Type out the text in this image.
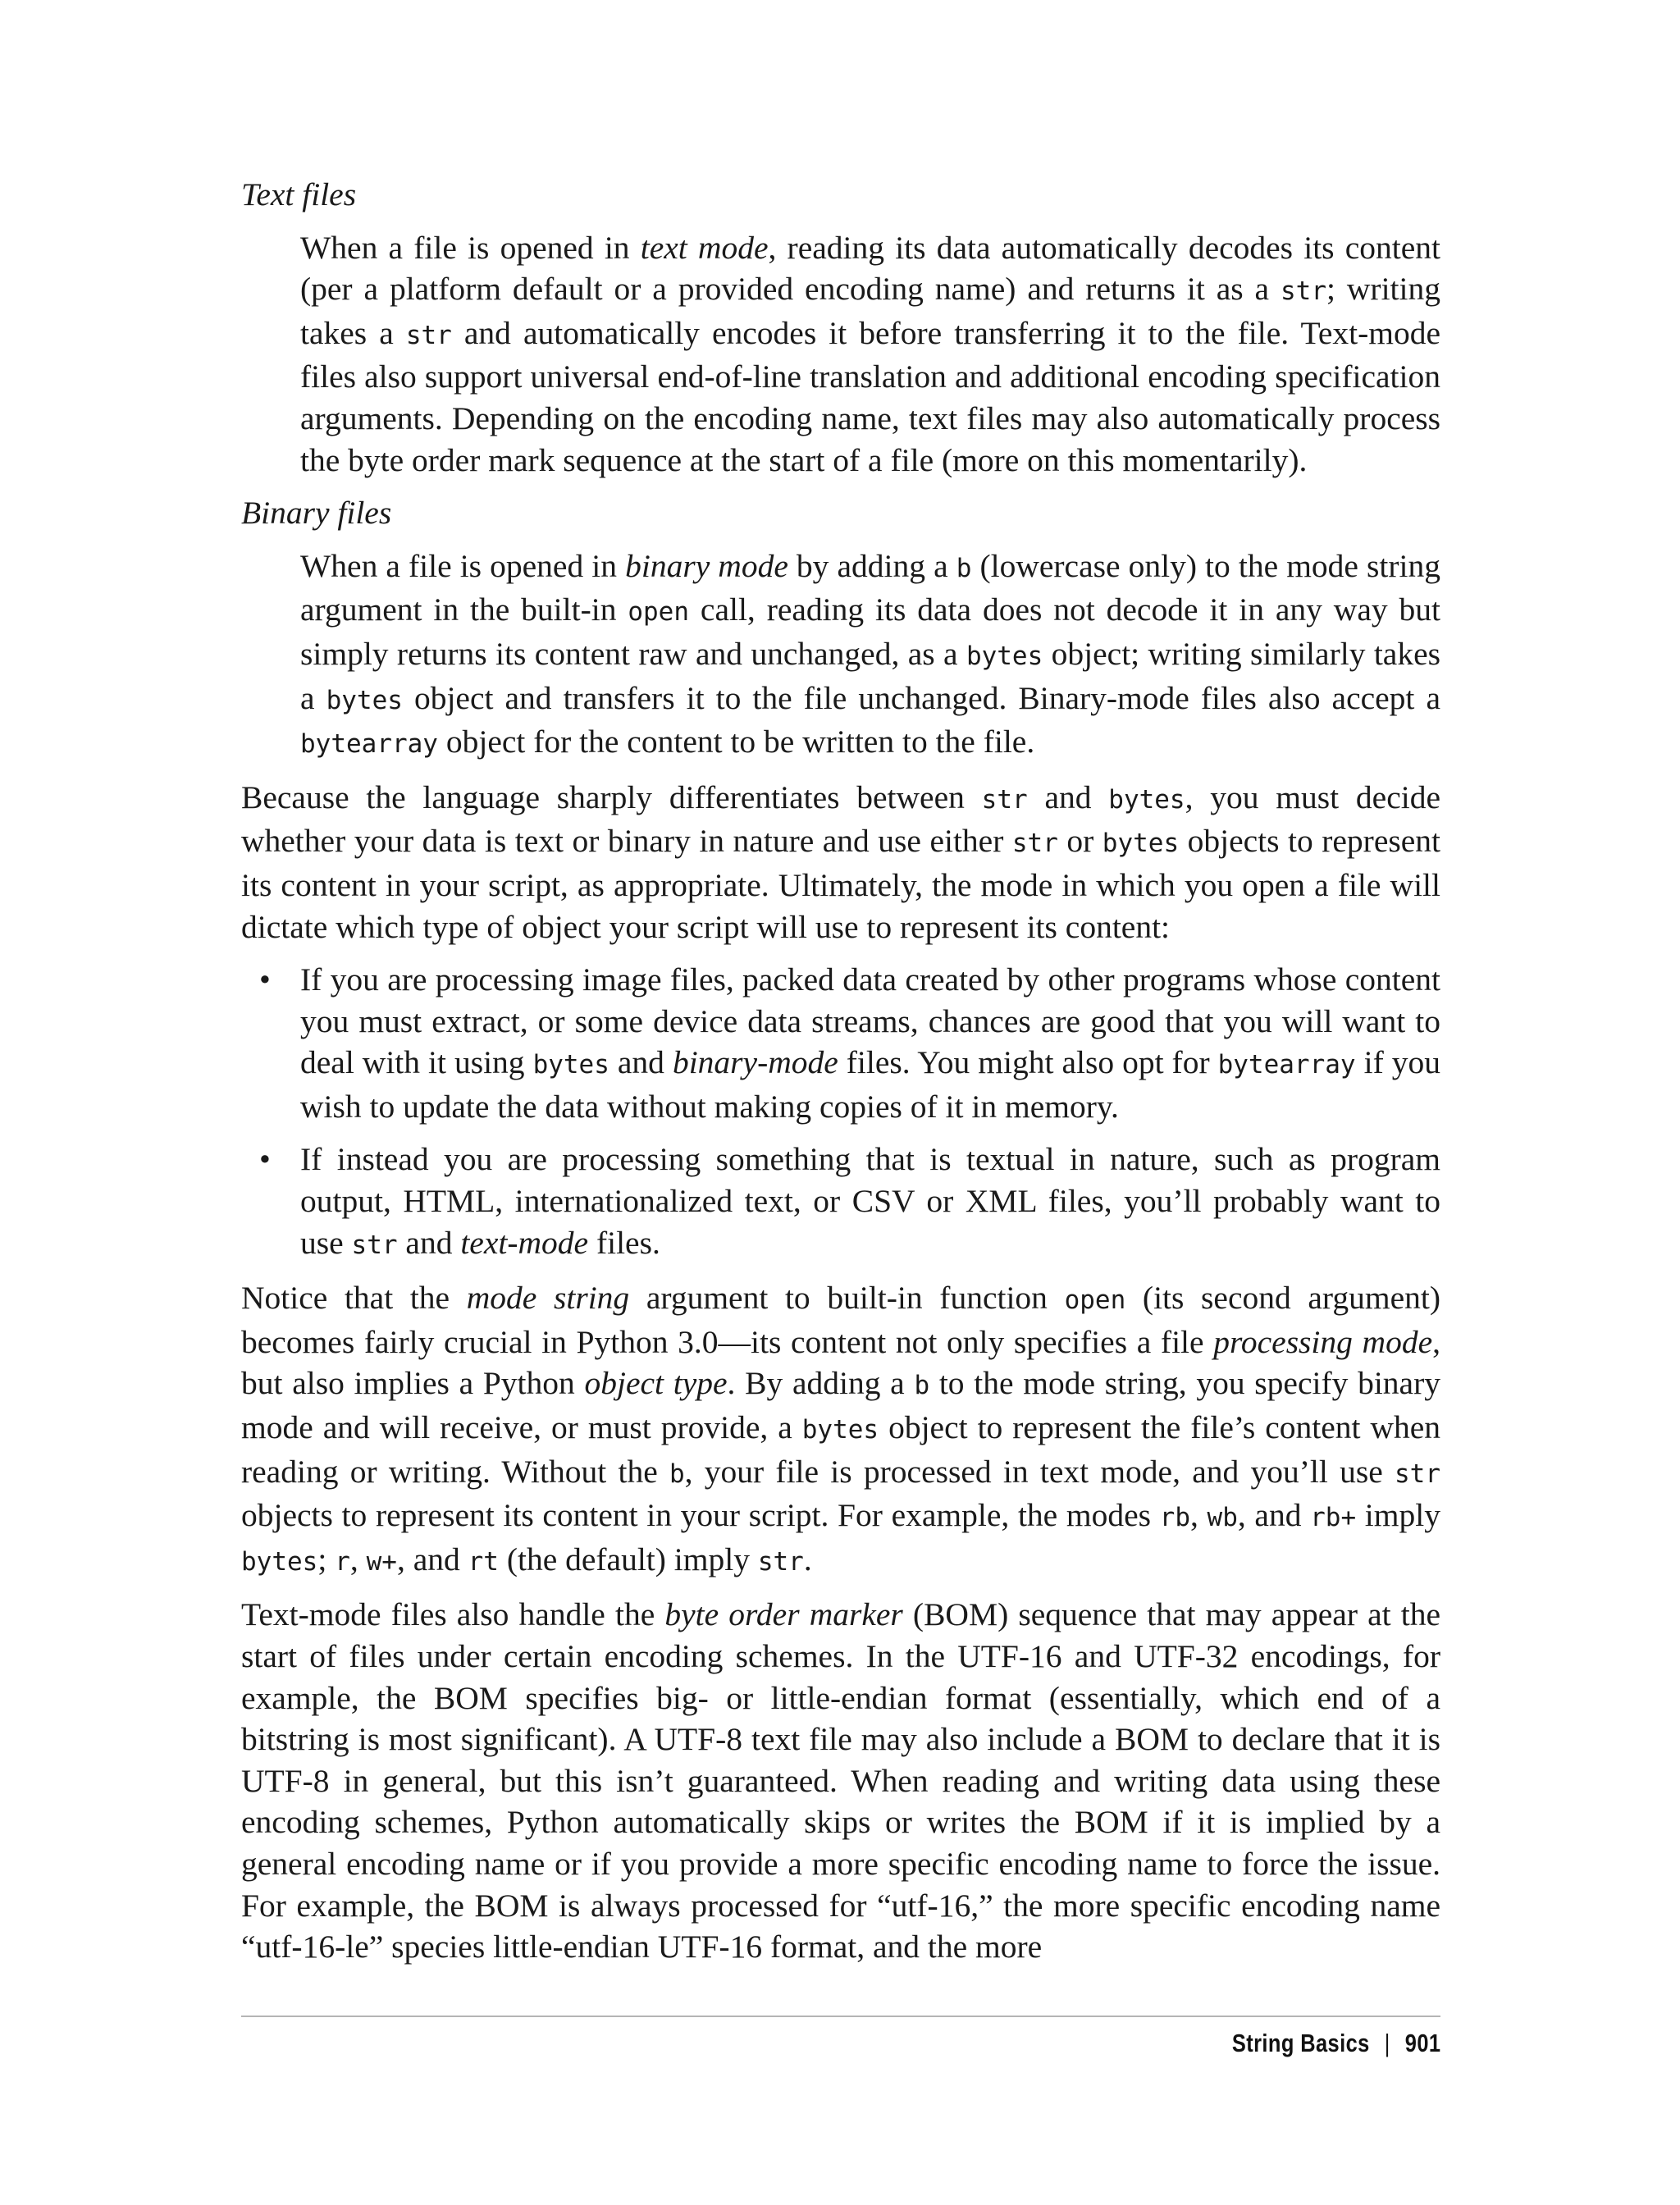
Text files

When a file is opened in text mode, reading its data automatically decodes its content (per a platform default or a provided encoding name) and returns it as a str; writing takes a str and automatically encodes it before transferring it to the file. Text-mode files also support universal end-of-line translation and additional encoding specification arguments. Depending on the encoding name, text files may also automatically process the byte order mark sequence at the start of a file (more on this momentarily).

Binary files

When a file is opened in binary mode by adding a b (lowercase only) to the mode string argument in the built-in open call, reading its data does not decode it in any way but simply returns its content raw and unchanged, as a bytes object; writing similarly takes a bytes object and transfers it to the file unchanged. Binary-mode files also accept a bytearray object for the content to be written to the file.

Because the language sharply differentiates between str and bytes, you must decide whether your data is text or binary in nature and use either str or bytes objects to represent its content in your script, as appropriate. Ultimately, the mode in which you open a file will dictate which type of object your script will use to represent its content:

• If you are processing image files, packed data created by other programs whose content you must extract, or some device data streams, chances are good that you will want to deal with it using bytes and binary-mode files. You might also opt for bytearray if you wish to update the data without making copies of it in memory.
• If instead you are processing something that is textual in nature, such as program output, HTML, internationalized text, or CSV or XML files, you’ll probably want to use str and text-mode files.

Notice that the mode string argument to built-in function open (its second argument) becomes fairly crucial in Python 3.0—its content not only specifies a file processing mode, but also implies a Python object type. By adding a b to the mode string, you specify binary mode and will receive, or must provide, a bytes object to represent the file’s content when reading or writing. Without the b, your file is processed in text mode, and you’ll use str objects to represent its content in your script. For example, the modes rb, wb, and rb+ imply bytes; r, w+, and rt (the default) imply str.

Text-mode files also handle the byte order marker (BOM) sequence that may appear at the start of files under certain encoding schemes. In the UTF-16 and UTF-32 encodings, for example, the BOM specifies big- or little-endian format (essentially, which end of a bitstring is most significant). A UTF-8 text file may also include a BOM to declare that it is UTF-8 in general, but this isn’t guaranteed. When reading and writing data using these encoding schemes, Python automatically skips or writes the BOM if it is implied by a general encoding name or if you provide a more specific encoding name to force the issue. For example, the BOM is always processed for “utf-16,” the more specific encoding name “utf-16-le” species little-endian UTF-16 format, and the more

String Basics | 901
